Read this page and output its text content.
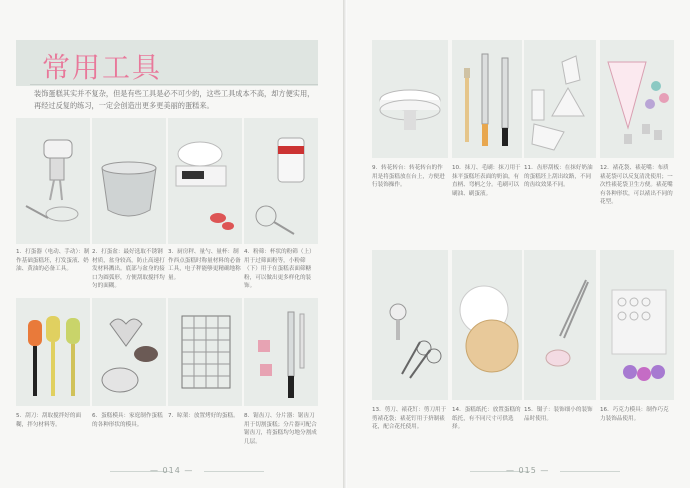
常用工具
装饰蛋糕其实并不复杂，但是有些工具是必不可少的，这些工具成本不高，却方便实用，再经过反复的练习，一定会创造出更多更美丽的蛋糕来。
1．打蛋器（电动、手动）：制作基础蛋糕坯，打发蛋液、奶油、黄油的必备工具。
2．打蛋盆：最好选取不锈钢材质，盆身较高，防止高速打发材料溅出。底部与盆身的接口为圆弧形，方便刮取搅拌均匀的面糊。
3．厨房秤、量勺、量杯：制作西点蛋糕时称量材料的必备工具，电子秤能够更精确地称量。
4．粉筛：杯状的粉筛（上）用于过筛面粉等，小粉筛（下）用于在蛋糕表面筛糖粉，可以做出更多样化的装饰。
5．刮刀：刮取搅拌好的面糊，拌匀材料等。
6．蛋糕模具：家庭制作蛋糕的各种形状的模具。
7．晾架：放置烤好的蛋糕。 8．锯齿刀、分片器：锯齿刀用于切割蛋糕；分片器可配合锯齿刀，将蛋糕均匀地分割成几层。
— 014 —
9．转花转台：转花转台的作用是将蛋糕放在台上，方便进行装饰操作。
10．抹刀、毛刷：抹刀用于抹平蛋糕坯表面的奶油，有直柄、弯柄之分。毛刷可以刷油、刷蛋液。
11．齿形刮板：在抹好奶油的蛋糕坯上刮出纹路，不同的齿纹效果不同。
12．裱花袋、裱花嘴：布质裱花袋可以反复清洗使用；一次性裱花袋卫生方便。裱花嘴有各种形状，可以裱出不同的花型。
13．剪刀、裱花钉：剪刀用于剪裱花袋；裱花钉用于挤制裱花，配合花托使用。
14．蛋糕纸托：放置蛋糕的纸托，有不同尺寸可供选择。
15．镊子：装饰细小的装饰品时使用。
16．巧克力模具：制作巧克力装饰品使用。
— 015 —
